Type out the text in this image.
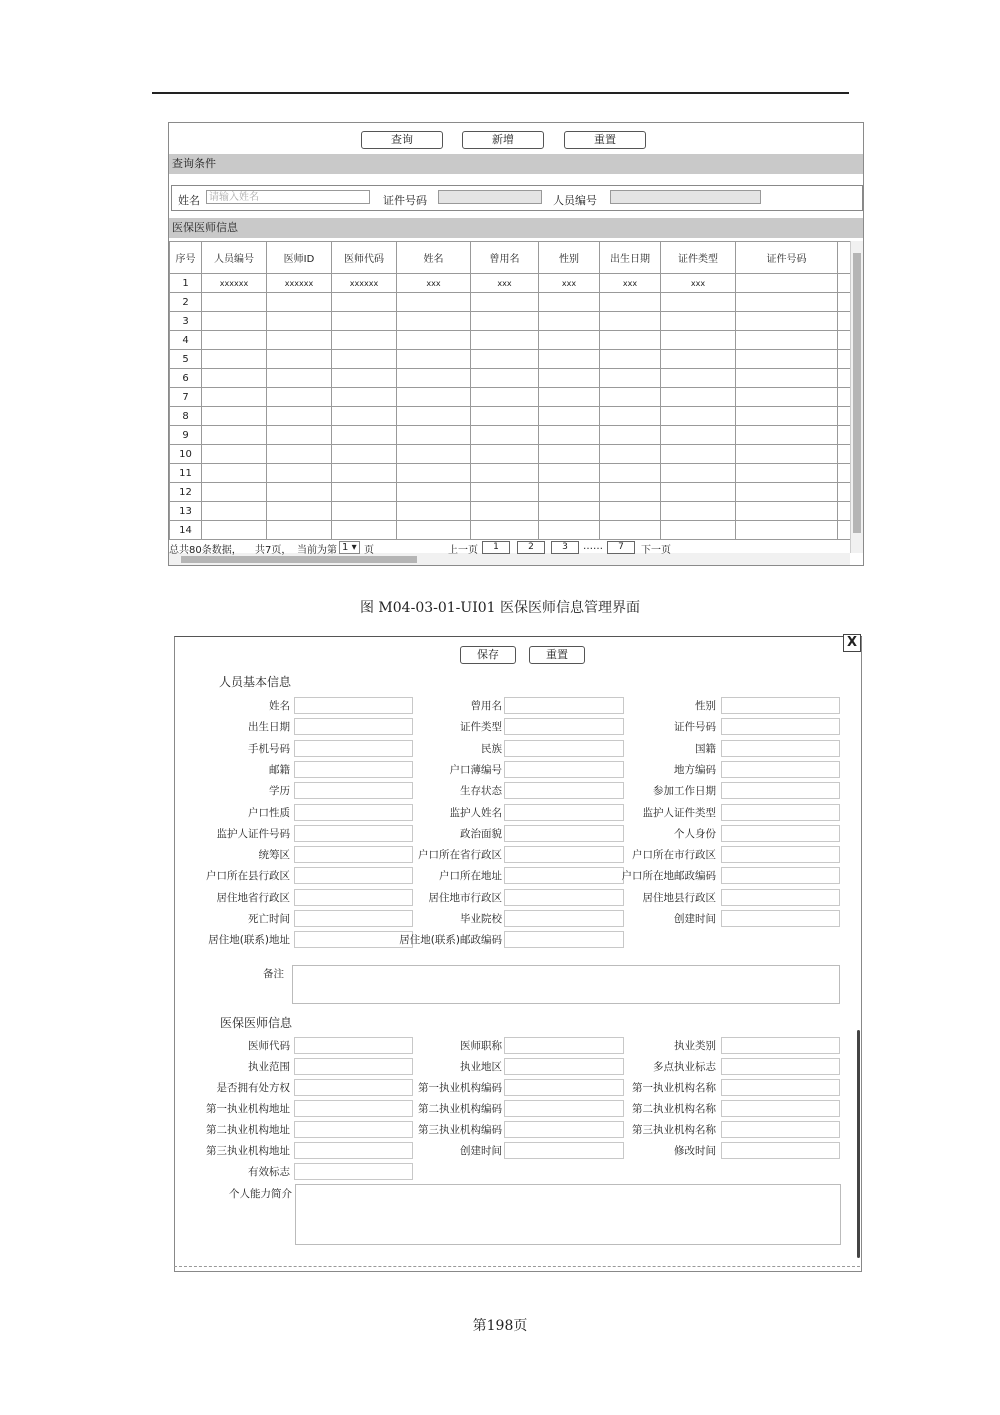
查询	新增	重置
查询条件
姓名 请输入姓名	证件号码	人员编号
医保医师信息
序号	人员编号	医师ID	医师代码	姓名	曾用名	性别	出生日期	证件类型	证件号码	
1	xxxxxx	xxxxxx	xxxxxx	xxx	xxx	xxx	xxx	xxx		
2										
3										
4										
5										
6										
7										
8										
9										
10										
11										
12										
13										
14										
总共80条数据， 共7页， 当前为第 1 ▾ 页	上一页	1	2	3	……	7	下一页
图 M04-03-01-UI01 医保医师信息管理界面
X
保存	重置
人员基本信息
姓名	曾用名	性别
出生日期	证件类型	证件号码
手机号码	民族	国籍
邮籍	户口薄编号	地方编码
学历	生存状态	参加工作日期
户口性质	监护人姓名	监护人证件类型
监护人证件号码	政治面貌	个人身份
统筹区	户口所在省行政区	户口所在市行政区
户口所在县行政区	户口所在地址	户口所在地邮政编码
居住地省行政区	居住地市行政区	居住地县行政区
死亡时间	毕业院校	创建时间
居住地(联系)地址	居住地(联系)邮政编码
备注
医保医师信息
医师代码	医师职称	执业类别
执业范围	执业地区	多点执业标志
是否拥有处方权	第一执业机构编码	第一执业机构名称
第一执业机构地址	第二执业机构编码	第二执业机构名称
第二执业机构地址	第三执业机构编码	第三执业机构名称
第三执业机构地址	创建时间	修改时间
有效标志
个人能力简介
第198页
